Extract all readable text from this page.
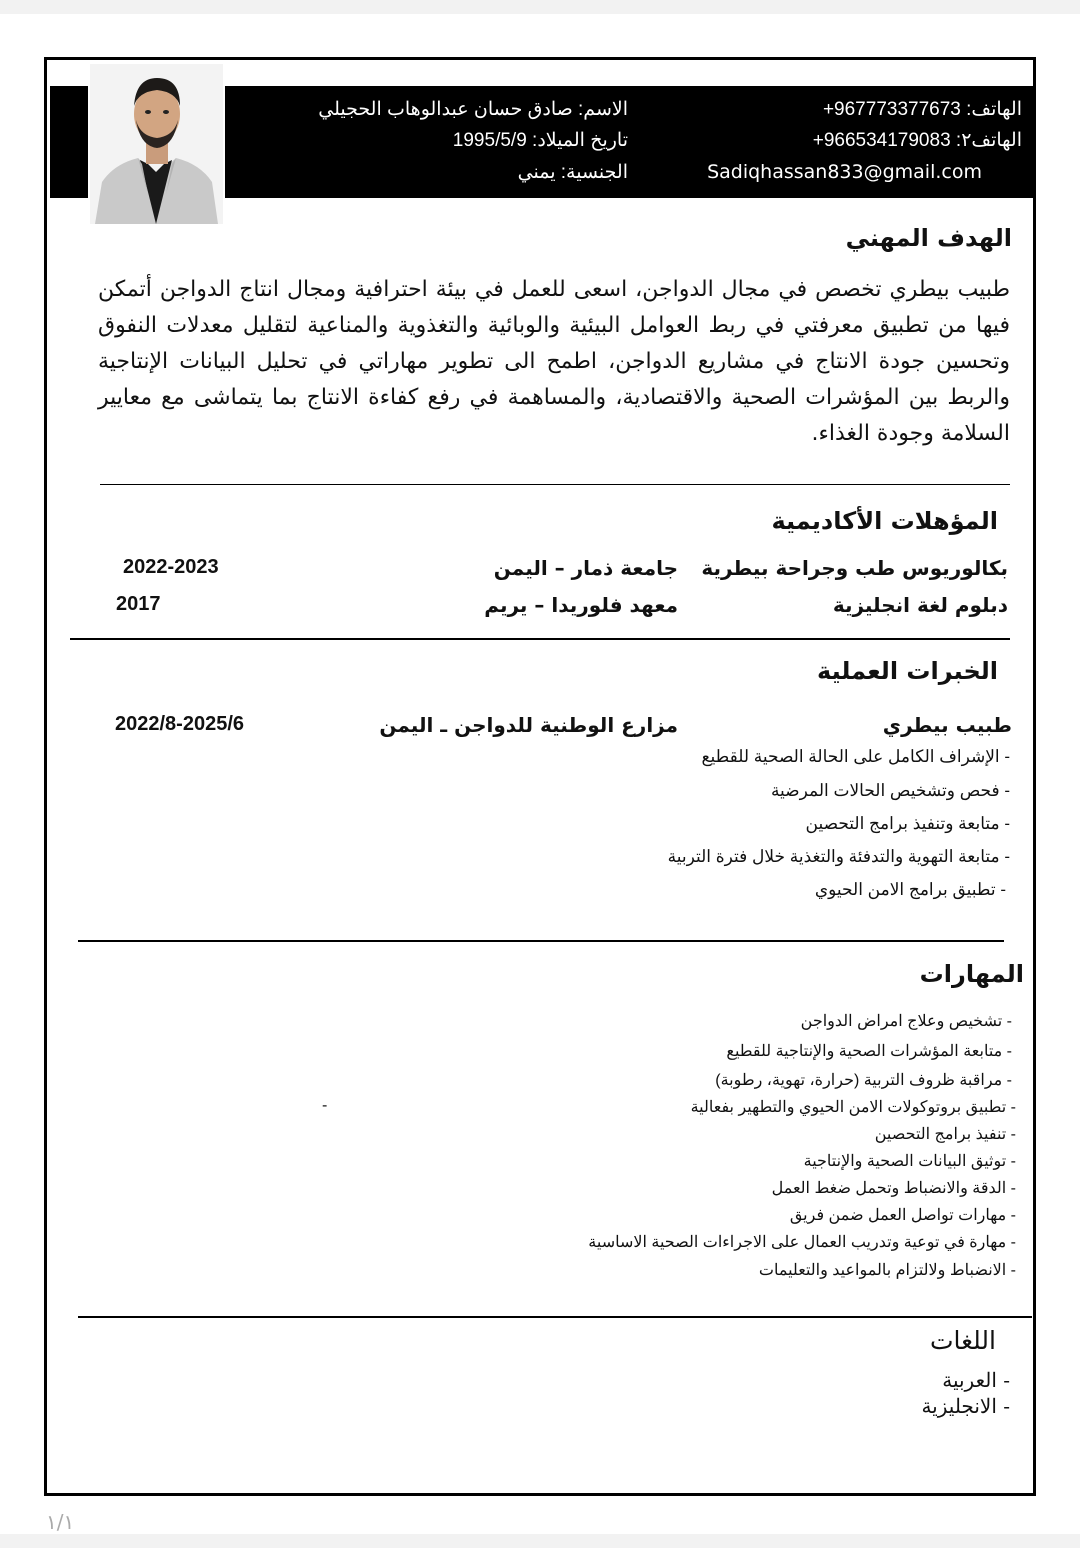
الهاتف: +967773377673
الهاتف٢: +966534179083
Sadiqhassan833@gmail.com
الاسم: صادق حسان عبدالوهاب الحجيلي
تاريخ الميلاد: 1995/5/9
الجنسية: يمني
الهدف المهني
طبيب بيطري تخصص في مجال الدواجن، اسعى للعمل في بيئة احترافية ومجال انتاج الدواجن أتمكن فيها من تطبيق معرفتي في ربط العوامل البيئية والوبائية والتغذوية والمناعية لتقليل معدلات النفوق وتحسين جودة الانتاج في مشاريع الدواجن، اطمح الى تطوير مهاراتي في تحليل البيانات الإنتاجية والربط بين المؤشرات الصحية والاقتصادية، والمساهمة في رفع كفاءة الانتاج بما يتماشى مع معايير السلامة وجودة الغذاء.
المؤهلات الأكاديمية
بكالوريوس طب وجراحة بيطرية
جامعة ذمار – اليمن
2022-2023
دبلوم لغة انجليزية
معهد فلوريدا – يريم
2017
الخبرات العملية
طبيب بيطري
مزارع الوطنية للدواجن ـ اليمن
2022/8-2025/6
- الإشراف الكامل على الحالة الصحية للقطيع
- فحص وتشخيص الحالات المرضية
- متابعة وتنفيذ برامج التحصين
- متابعة التهوية والتدفئة والتغذية خلال فترة التربية
- تطبيق برامج الامن الحيوي
المهارات
- تشخيص وعلاج امراض الدواجن
- متابعة المؤشرات الصحية والإنتاجية للقطيع
- مراقبة ظروف التربية (حرارة، تهوية، رطوبة)
- تطبيق بروتوكولات الامن الحيوي والتطهير بفعالية
-
- تنفيذ برامج التحصين
- توثيق البيانات الصحية والإنتاجية
- الدقة والانضباط وتحمل ضغط العمل
- مهارات تواصل العمل ضمن فريق
- مهارة في توعية وتدريب العمال على الاجراءات الصحية الاساسية
- الانضباط ولالتزام بالمواعيد والتعليمات
اللغات
- العربية
- الانجليزية
١/١
